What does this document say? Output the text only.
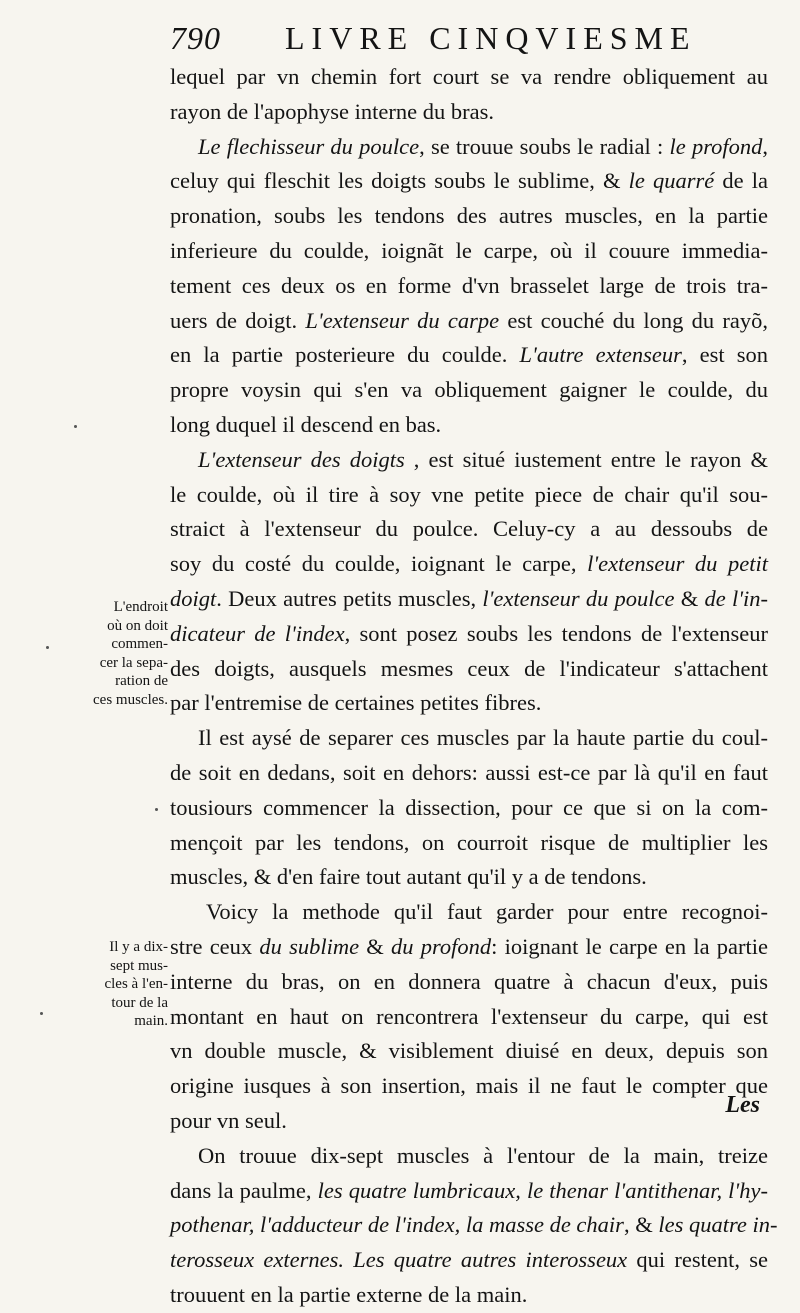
790 LIVRE CINQVIESME
lequel par vn chemin fort court se va rendre obliquement au
rayon de l'apophyse interne du bras.
Le flechisseur du poulce, se trouue soubs le radial : le profond,
celuy qui fleschit les doigts soubs le sublime, & le quarré de la
pronation, soubs les tendons des autres muscles, en la partie
inferieure du coulde, ioignãt le carpe, où il couure immedia-
tement ces deux os en forme d'vn brasselet large de trois tra-
uers de doigt. L'extenseur du carpe est couché du long du rayõ,
en la partie posterieure du coulde. L'autre extenseur, est son
propre voysin qui s'en va obliquement gaigner le coulde, du
long duquel il descend en bas.
L'extenseur des doigts , est situé iustement entre le rayon &
le coulde, où il tire à soy vne petite piece de chair qu'il sou-
straict à l'extenseur du poulce. Celuy-cy a au dessoubs de
soy du costé du coulde, ioignant le carpe, l'extenseur du petit
doigt. Deux autres petits muscles, l'extenseur du poulce & de l'in-
dicateur de l'index, sont posez soubs les tendons de l'extenseur
des doigts, ausquels mesmes ceux de l'indicateur s'attachent
par l'entremise de certaines petites fibres.
Il est aysé de separer ces muscles par la haute partie du coul-
de soit en dedans, soit en dehors: aussi est-ce par là qu'il en faut
tousiours commencer la dissection, pour ce que si on la com-
mençoit par les tendons, on courroit risque de multiplier les
muscles, & d'en faire tout autant qu'il y a de tendons.
Voicy la methode qu'il faut garder pour entre recognoi-
stre ceux du sublime & du profond: ioignant le carpe en la partie
interne du bras, on en donnera quatre à chacun d'eux, puis
montant en haut on rencontrera l'extenseur du carpe, qui est
vn double muscle, & visiblement diuisé en deux, depuis son
origine iusques à son insertion, mais il ne faut le compter que
pour vn seul.
On trouue dix-sept muscles à l'entour de la main, treize
dans la paulme, les quatre lumbricaux, le thenar l'antithenar, l'hy-
pothenar, l'adducteur de l'index, la masse de chair, & les quatre in-
terosseux externes. Les quatre autres interosseux qui restent, se
trouuent en la partie externe de la main.
L'endroit
où on doit
commen-
cer la sepa-
ration de
ces muscles.
Il y a dix-
sept mus-
cles à l'en-
tour de la
main.
Les
